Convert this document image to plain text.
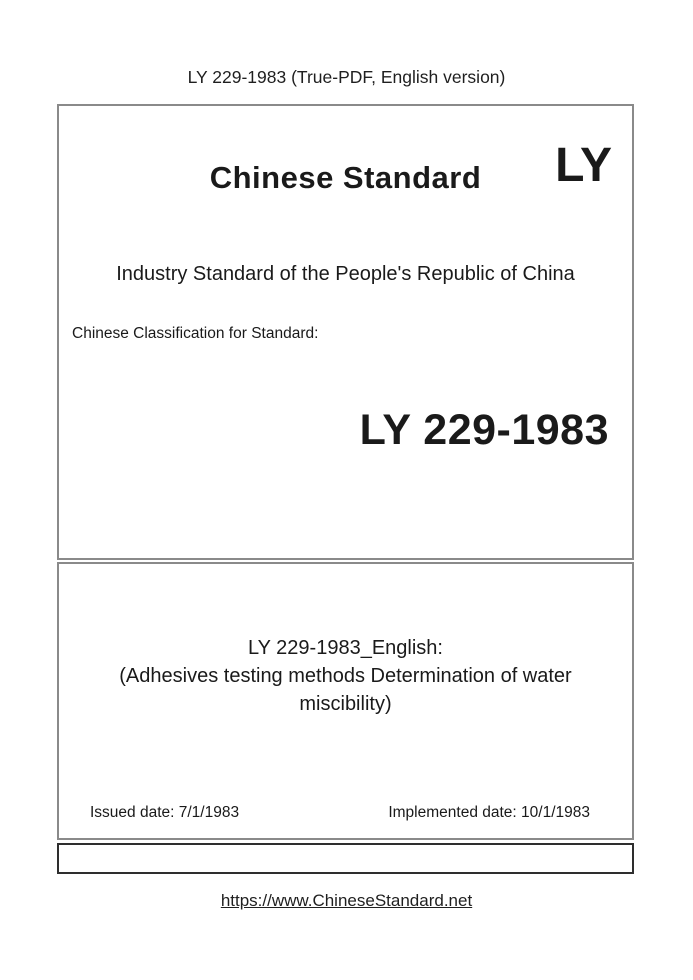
LY 229-1983 (True-PDF, English version)
Chinese Standard	LY
Industry Standard of the People's Republic of China
Chinese Classification for Standard:
LY 229-1983
LY 229-1983_English:
(Adhesives testing methods Determination of water
miscibility)
Issued date: 7/1/1983	Implemented date: 10/1/1983
https://www.ChineseStandard.net
